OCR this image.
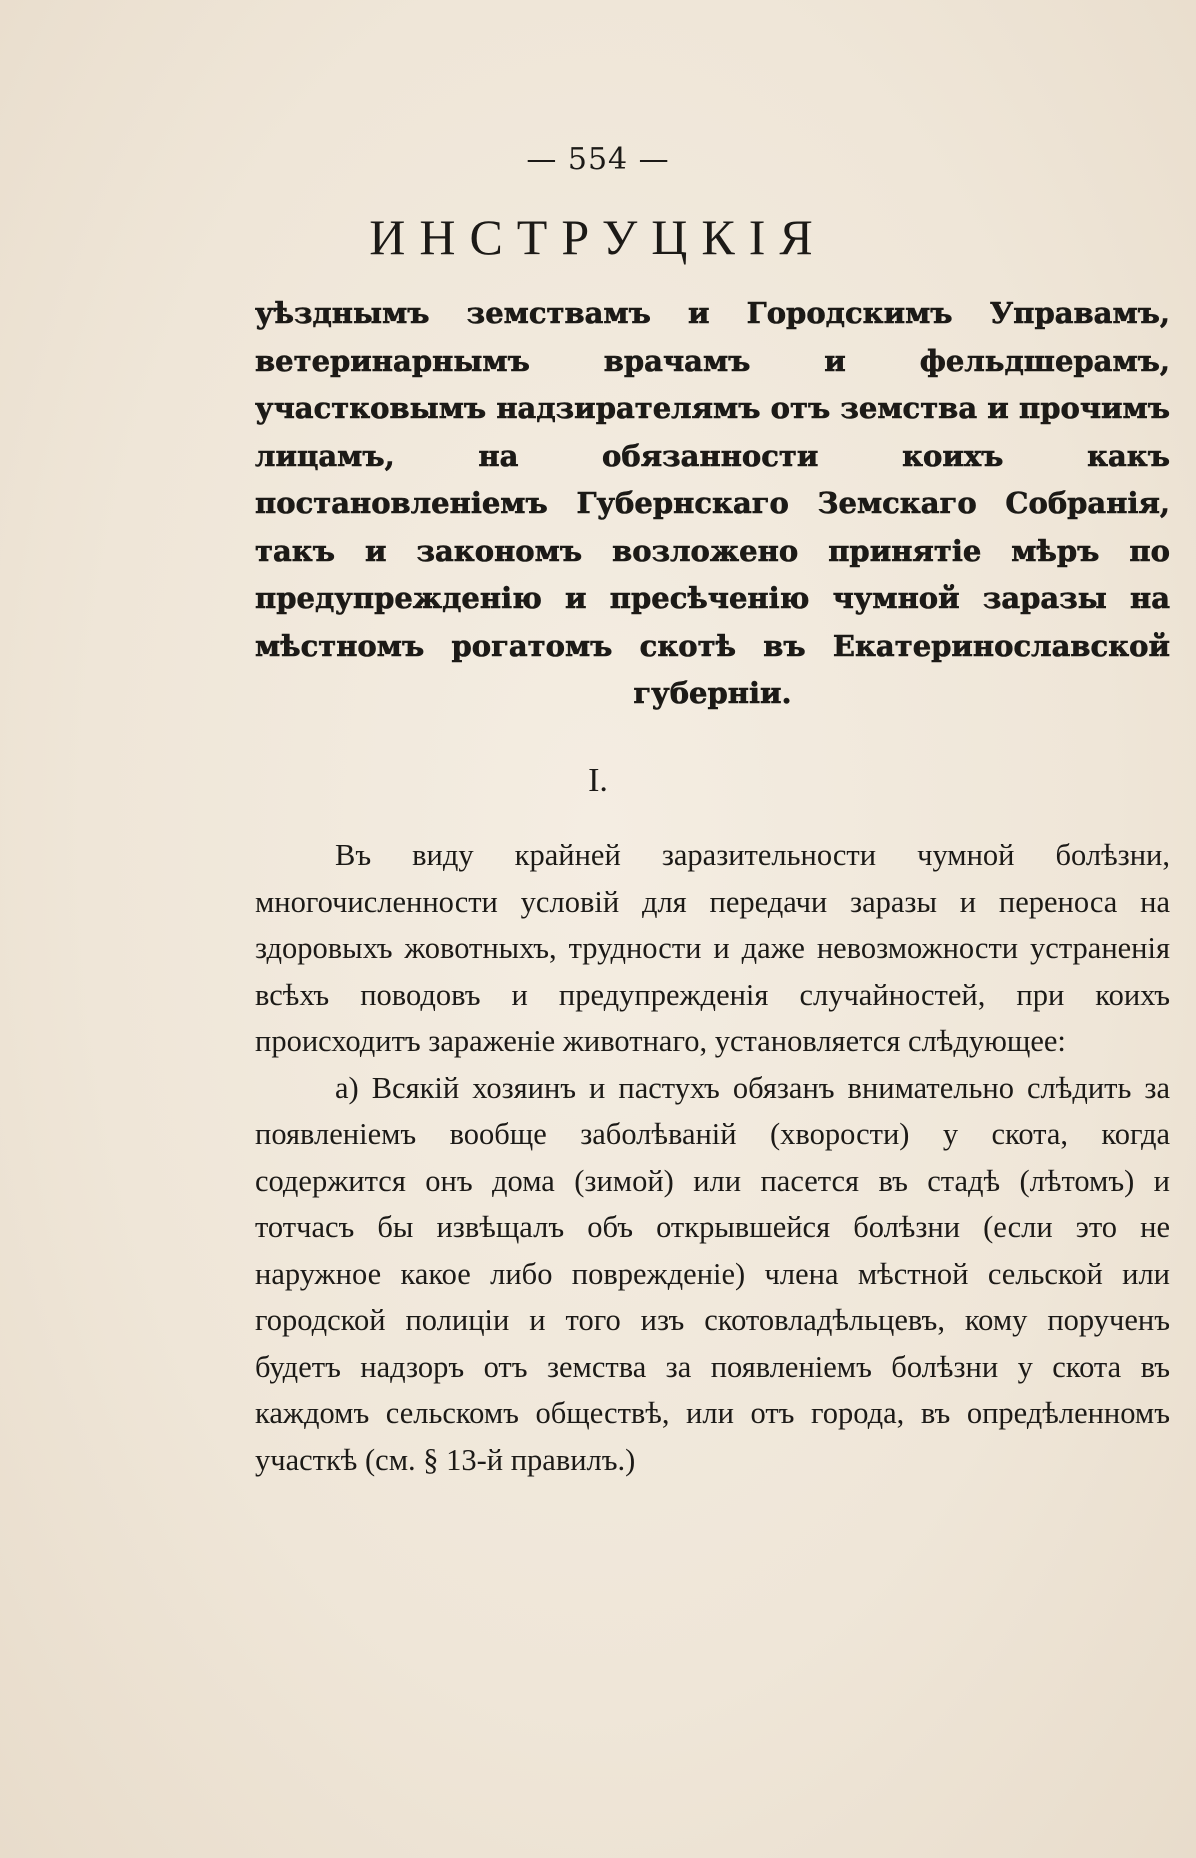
— 554 —
ИНСТРУЦКІЯ
уѣзднымъ земствамъ и Городскимъ Управамъ, ветеринарнымъ врачамъ и фельдшерамъ, участковымъ надзирателямъ отъ земства и прочимъ лицамъ, на обязанности коихъ какъ постановленіемъ Губернскаго Земскаго Собранія, такъ и закономъ возложено принятіе мѣръ по предупрежденію и пресѣченію чумной заразы на мѣстномъ рогатомъ скотѣ въ Екатеринославской губерніи.
I.

Въ виду крайней заразительности чумной болѣзни, многочисленности условій для передачи заразы и переноса на здоровыхъ жовотныхъ, трудности и даже невозможности устраненія всѣхъ поводовъ и предупрежденія случайностей, при коихъ происходитъ зараженіе животнаго, установляется слѣдующее:

а) Всякій хозяинъ и пастухъ обязанъ внимательно слѣдить за появленіемъ вообще заболѣваній (хворости) у скота, когда содержится онъ дома (зимой) или пасется въ стадѣ (лѣтомъ) и тотчасъ бы извѣщалъ объ открывшейся болѣзни (если это не наружное какое либо поврежденіе) члена мѣстной сельской или городской полиціи и того изъ скотовладѣльцевъ, кому порученъ будетъ надзоръ отъ земства за появленіемъ болѣзни у скота въ каждомъ сельскомъ обществѣ, или отъ города, въ опредѣленномъ участкѣ (см. § 13-й правилъ.)
